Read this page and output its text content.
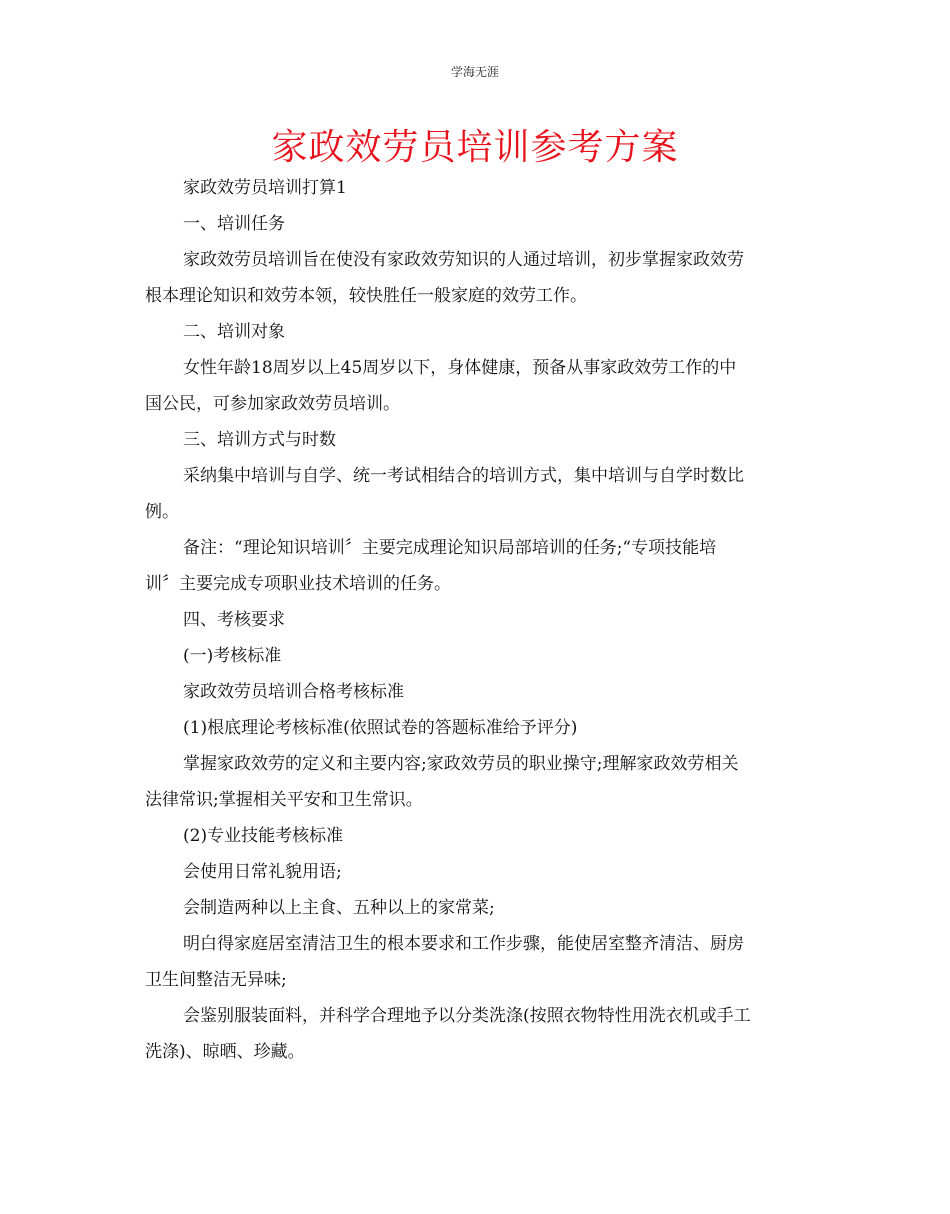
学海无涯
家政效劳员培训参考方案

家政效劳员培训打算1

一、培训任务

家政效劳员培训旨在使没有家政效劳知识的人通过培训，初步掌握家政效劳
根本理论知识和效劳本领，较快胜任一般家庭的效劳工作。

二、培训对象

女性年龄18周岁以上45周岁以下，身体健康，预备从事家政效劳工作的中
国公民，可参加家政效劳员培训。

三、培训方式与时数

采纳集中培训与自学、统一考试相结合的培训方式，集中培训与自学时数比
例。

备注：“理论知识培训〞主要完成理论知识局部培训的任务;“专项技能培
训〞主要完成专项职业技术培训的任务。

四、考核要求

(一)考核标准

家政效劳员培训合格考核标准

(1)根底理论考核标准(依照试卷的答题标准给予评分)

掌握家政效劳的定义和主要内容;家政效劳员的职业操守;理解家政效劳相关
法律常识;掌握相关平安和卫生常识。

(2)专业技能考核标准

会使用日常礼貌用语;

会制造两种以上主食、五种以上的家常菜;

明白得家庭居室清洁卫生的根本要求和工作步骤，能使居室整齐清洁、厨房
卫生间整洁无异味;

会鉴别服装面料，并科学合理地予以分类洗涤(按照衣物特性用洗衣机或手工
洗涤)、晾晒、珍藏。
